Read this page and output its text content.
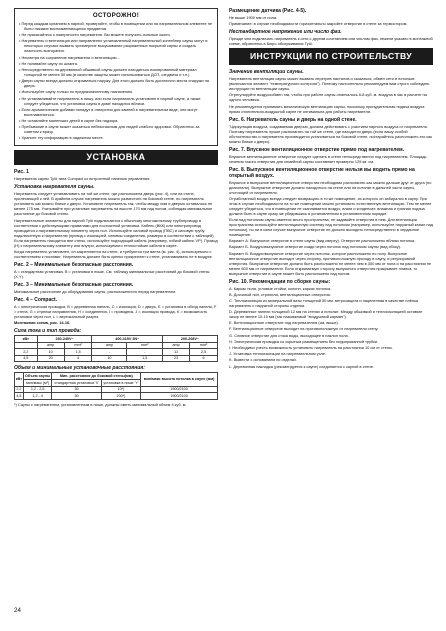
ОСТОРОЖНО!
• Перед каждым купанием в парной, проверяйте, чтобы в помещении или на нагревательном элементе не было никаких воспламеняющихся предметов.
• Не прикасайтесь к поверхности нагревателя. Вы можете получить сильные ожоги.
• Нагреватель и вентиляция или направленно установленный нагревательный контейнер сауны могут в некоторых случаях вызвать чрезмерное высушивание разряженных покрытий сауны и создать опасность возгорания.
• Несмотря на сохранение нагреватели и вентиляцию...
• Не поливайте сауну из шланга.
• Непосредственно на деревянной обшивкой сауны должен находиться изолированный материал толщиной не менее 50 мм (в качестве защиты может использоваться ДСП, сэндвичи и т.п.)
• Двери сауны всегда должны открываться наружу. Для этого должно быть достаточно места снаружи на дверь.
• Используйте сауну только по предназначенному назначению.
• Не устанавливайте нагреватель в нишу, или если нагреватель установлен в парной сауне, а также следует убедиться, что установка сауны в доме находится вблизи.
• Если ароматические добавки попадут в отверстия для камней в нагревательном виде, они могут воспламениться.
• Не оставляйте маленьких детей в сауне без надзора.
• Пребывание в сауне может оказаться небезопасным для людей слабого здоровья. Обратитесь за советом к врачу.
• Храните эту информацию в надежном месте.
УСТАНОВКА
Рис. 1
Нагреватель сауны Tylö типа Compact со встроенной панелью управления.
Установка нагревателя сауны.
Нагреватель следует устанавливать на той же стене, где расположена дверь (рис. 4), или на стене, прилегающей к ней. В крайнем случае нагреватель можно разместить на боковой стене, но нагреватель установить как можно ближе к двери. Установите нагреватель так, чтобы между ним и дверью оставалось не менее 175 мм. Учитывайте при установке нагреватель на высоте 170 мм над полом, соблюдая минимальное расстояние до боковой стены.
Нагревательные элементы для парной Tylö подключаются к обычному многожильному трубопроводу в соответствии с действующими правилами для постоянной установки. Кабель (ВКК) или электропровод проводится к нагревательному элементу через пол. Используйте силовой провод (ПВС) и силовую трубу, подключенную к нагревателю (провод с изоляцией, клеммы соединения, размеры в соответствии с таблицей). Если нагреватель находится вне стены, используйте подходящий кабель (например, гибкий кабель VP). Провод (Н) к нагревательному элементу или внутри, используемого теплостойкие кабели в сауне.
Когда нагреватель установлен, он закрепляется на стене, и требуются три винта (м. рис. 4), используемого с соответствием к поставке. Нагреватель должен быть крепко прикреплен к стене, устанавливать не в воздухе.
Рис. 2 – Минимальные безопасные расстояния.
A = стандартная установка. B = установка в нише. См. таблицу минимальных расстояний до боковой стены (X,Y).
Рис. 3 – Минимальные безопасные расстояния.
Минимальное расстояние до оборудования сауны, расположенного перед нагревателем.
Рис. 4 – Compact.
A = электрическая проводка, B = деревянная панель, C = изоляция, D = дверь, E = установка в обход панели, F = стена, G = стрелки направления, H = соединения, I = проводник, J = изоляция провода, K = возможность установки через пол, L = вертикальный разрез.
Монтажная схема, рис. 14-16.
Сила тока и тип провода:
кВт	230-240V~		400-415V 3N~		200-208V~	
	amp	mm²	amp	mm²	amp	mm²
2,2	10	1,5	-	-	11	2,5
4,5	20	4	10	1,5	23	6
Объем и минимальные установочные расстояния:
кВт	Объем сауны	Мин. расстояние до боковой стены(мм)		мин/макс высота потолка в сауне (мм)
	мин/макс (м³)	стандартная установка 'X'	установка в нише 'Y'	
2,2	1,2 - 2,5	50	10*)	1900/2100
4,5	1,2 - 4	50	200*)	1900/2100
*) Сауны с нагревателем, установленным в нише, должны иметь минимальный объем 4 куб. м.
Размещение датчика (Рис. 4-5).
Не выше 1900 мм от пола.
Примечание: в случае необходимости горизонтально закройте отверстие в стене за термостором.
Нестандартное напряжение или число фаз.
Прежде чем подключать нагреватель к сети с другим сочетанием или числом фаз, нежели указано в монтажной схеме, обратитесь в Бюро обслуживания Tylö.
ИНСТРУКЦИИ ПО СТРОИТЕЛЬСТВУ
Значение вентиляции сауны.
Нагреватель вентиляция сауны может вызвать перегрев настилов и сказаться, обмен сети и потолков (включаются элемент "температурного контроля"). Поэтому настоятельно рекомендуем вам строго соблюдать инструкции по вентиляции сауны.
Отрегулируйте воздухообмен так, чтобы при работе сауны отмечалось 6-8 куб. м. воздуха в час в расчете на одного человека.
Не рекомендуется принимать механическую вентиляцию сауны, поскольку принудительная подача воздуха прямо отопительно-воздушной сауне не оптимальна для работы нагревателя.
Рис. 6. Нагреватель сауны и дверь на одной стене.
"Циркуляция воздуха, создаваемая дверью, должна действовать с участием парного воздуха от нагревателя. Поэтому нагреватель лучше располагать на той же стене, где находится дверь (если вашу особой обстоятельство и нагреватель производится установиться на боковой стене, постарайтесь расположить его как можно ближе к двери).
Рис. 7. Впускное вентиляционное отверстие прямо под нагревателем.
Впускное вентиляционное отверстие следует сделать в стене непосредственно под нагревателем. Площадь сечения такого отверстия для семейной сауны составляет примерно 125 кв. см.
Рис. 8. Выпускное вентиляционное отверстие нельзя вы водить прямо на открытый воздух.
Впускное и выпускное вентиляционное отверстия необходимо располагать как можно дальше друг от друга (по диагонали). Выпускное отверстие должно находиться на стене или на потолке в дальней части сауны, отстоящей от нагревателя.
Отработанный воздух всегда следует возвращать в то же помещение, из которого он забирался в сауну. При этом в случае необходимости на то же помещение можно установить естественную вентиляцию. Тем не менее следует убедиться, что в помещении не скапливается воздух, влаги и конденсат: влажная и грязная подача должна быть в сауне сразу же убедившись в установленном в установленном порядке.
Если над потолком сауны имеется много пространства, не задавайте отверстия в нем. Для вентиляции пространства используйте вентиляционную систему над потолком (например, используйте наружный канал над потолком), но ни в коем случае выпускное отверстие не должно выходить непосредственно в чердачное помещение.
Вариант А. Выпускное отверстие в стене сауны (вид сверху). Отверстие расположено вблизи потолка.
Вариант Б. Воздуховыпускное отверстие сзади через потолок над потолком сауны (вид сбоку).
Вариант В. Воздуховыпускное отверстие через потолок, которое расположено по полу. Выпускное вентиляционное отверстие выходит через сторону, противоположную проходу в сауну, и регулировкой отверстия. Выпускное отверстие должно быть расположено не менее чем в 300 мм от пола и на расстоянии не менее 600 мм от нагревателя. Если открываемую сторону выпускного отверстия прикрывает планка, то выпускное отверстие в сауне может быть расположено над полом.
Рис. 10. Рекомендации по сборке сауны:
A. Каркас пола, угловые стойки, колонн, каркас потолка.
B. Досчатый пол, стропила, вентиляционные отверстия.
C. Теплоизоляция из минеральной ваты толщиной 50 мм, ветрозащита и нацеленная в качестве плёнка нагреватель с наружной стороны отделки.
D. Деревянные панели толщиной 12 мм на стенах и потолке. Между обшивкой и теплоизоляцией оставьте зазор не менее 10-15 мм (так называемый "воздушный карман").
E. Вентиляционное отверстие под нагревателем (см. выше).
F. Вентиляционное отверстие выходит на противоположную от нагревателя стену.
G. Сливное отверстие для стока воды, выходящее в наклон пола.
H. Электрическая проводка со скрытым размещением без гофрированной трубки.
I. Необходимо учесть возможность установить нагреватель на расстоянии 10 см от стены.
J. Установка теплоизоляции на нагревательном узле.
K. Вывести с основанием по отделки.
L. Деревянная накладка (рекомендуется к сауне) соединяется с сауной в стене.
24
